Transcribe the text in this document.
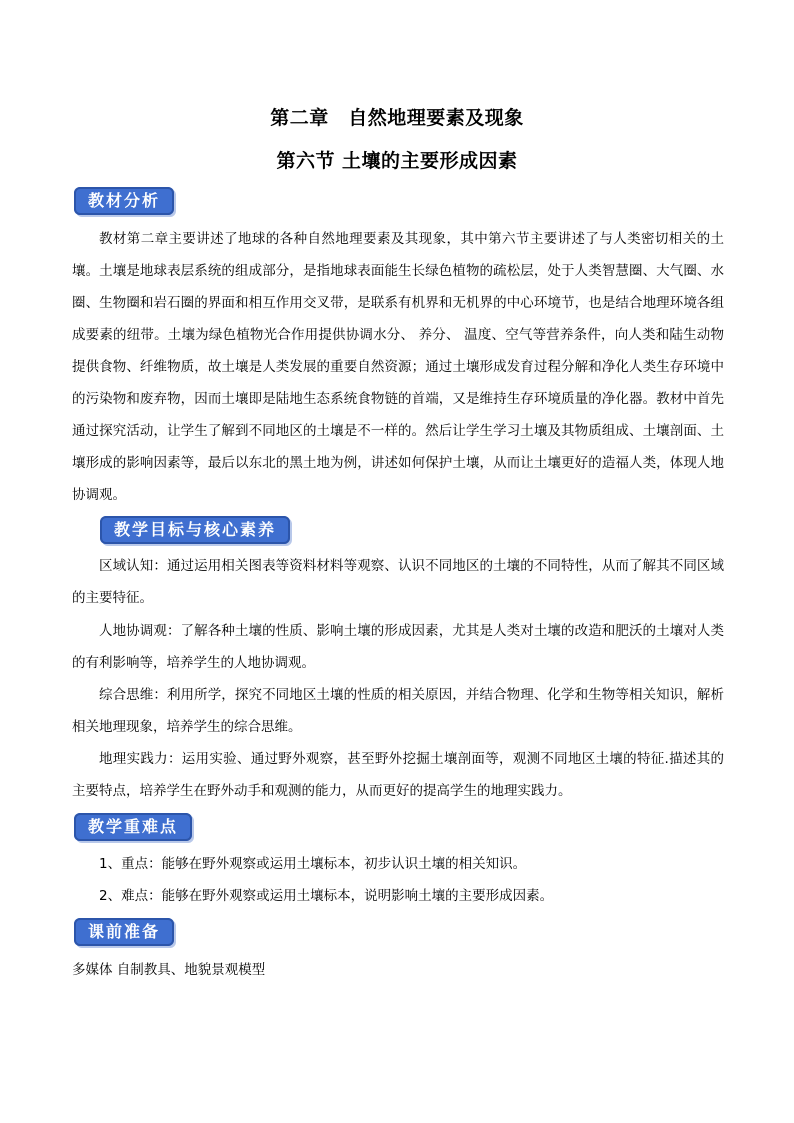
第二章　自然地理要素及现象
第六节 土壤的主要形成因素
教材分析
教材第二章主要讲述了地球的各种自然地理要素及其现象，其中第六节主要讲述了与人类密切相关的土壤。土壤是地球表层系统的组成部分，是指地球表面能生长绿色植物的疏松层，处于人类智慧圈、大气圈、水圈、生物圈和岩石圈的界面和相互作用交叉带，是联系有机界和无机界的中心环境节，也是结合地理环境各组成要素的纽带。土壤为绿色植物光合作用提供协调水分、 养分、 温度、空气等营养条件，向人类和陆生动物提供食物、纤维物质，故土壤是人类发展的重要自然资源；通过土壤形成发育过程分解和净化人类生存环境中的污染物和废弃物，因而土壤即是陆地生态系统食物链的首端，又是维持生存环境质量的净化器。教材中首先通过探究活动，让学生了解到不同地区的土壤是不一样的。然后让学生学习土壤及其物质组成、土壤剖面、土壤形成的影响因素等，最后以东北的黑土地为例，讲述如何保护土壤，从而让土壤更好的造福人类，体现人地协调观。
教学目标与核心素养
区域认知：通过运用相关图表等资料材料等观察、认识不同地区的土壤的不同特性，从而了解其不同区域的主要特征。
人地协调观：了解各种土壤的性质、影响土壤的形成因素，尤其是人类对土壤的改造和肥沃的土壤对人类的有利影响等，培养学生的人地协调观。
综合思维：利用所学，探究不同地区土壤的性质的相关原因，并结合物理、化学和生物等相关知识，解析相关地理现象，培养学生的综合思维。
地理实践力：运用实验、通过野外观察，甚至野外挖掘土壤剖面等，观测不同地区土壤的特征.描述其的主要特点，培养学生在野外动手和观测的能力，从而更好的提高学生的地理实践力。
教学重难点
1、重点：能够在野外观察或运用土壤标本，初步认识土壤的相关知识。
2、难点：能够在野外观察或运用土壤标本，说明影响土壤的主要形成因素。
课前准备
多媒体 自制教具、地貌景观模型
